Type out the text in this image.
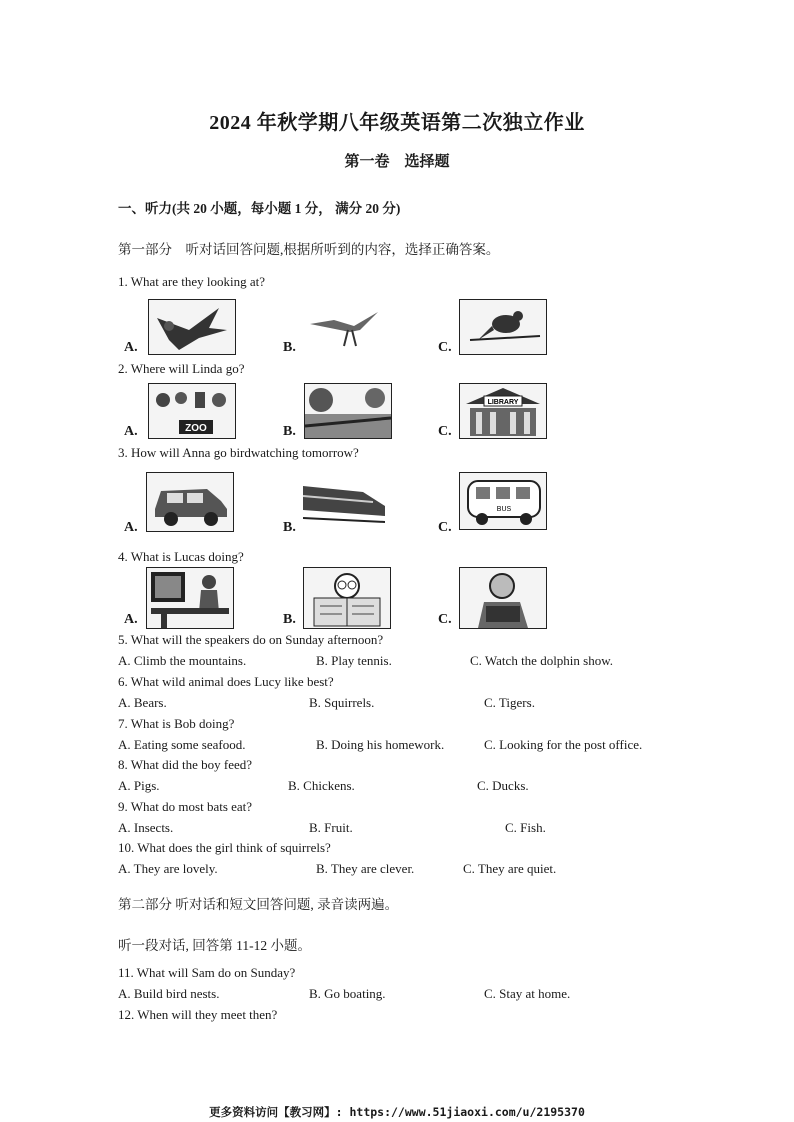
2024 年秋学期八年级英语第二次独立作业
第一卷　选择题
一、听力(共 20 小题，每小题 1 分， 满分 20 分)
第一部分　听对话回答问题,根据所听到的内容，选择正确答案。
1. What are they looking at?
A.	B.	C.
2. Where will Linda go?
A.	ZOO	B.	C.
LIBRARY
3. How will Anna go birdwatching tomorrow?
A.	B.	C.
BUS
4. What is Lucas doing?
A.	B.	C.
5. What will the speakers do on Sunday afternoon?
A. Climb the mountains.	B. Play tennis.	C. Watch the dolphin show.
6. What wild animal does Lucy like best?
A. Bears.	B. Squirrels.	C. Tigers.
7. What is Bob doing?
A. Eating some seafood.	B. Doing his homework.	C. Looking for the post office.
8. What did the boy feed?
A. Pigs.	B. Chickens.	C. Ducks.
9. What do most bats eat?
A. Insects.	B. Fruit.	C. Fish.
10. What does the girl think of squirrels?
A. They are lovely.	B. They are clever.	C. They are quiet.
第二部分 听对话和短文回答问题, 录音读两遍。
听一段对话, 回答第 11-12 小题。
11. What will Sam do on Sunday?
A. Build bird nests.	B. Go boating.	C. Stay at home.
12. When will they meet then?
更多资料访问【教习网】: https://www.51jiaoxi.com/u/2195370
